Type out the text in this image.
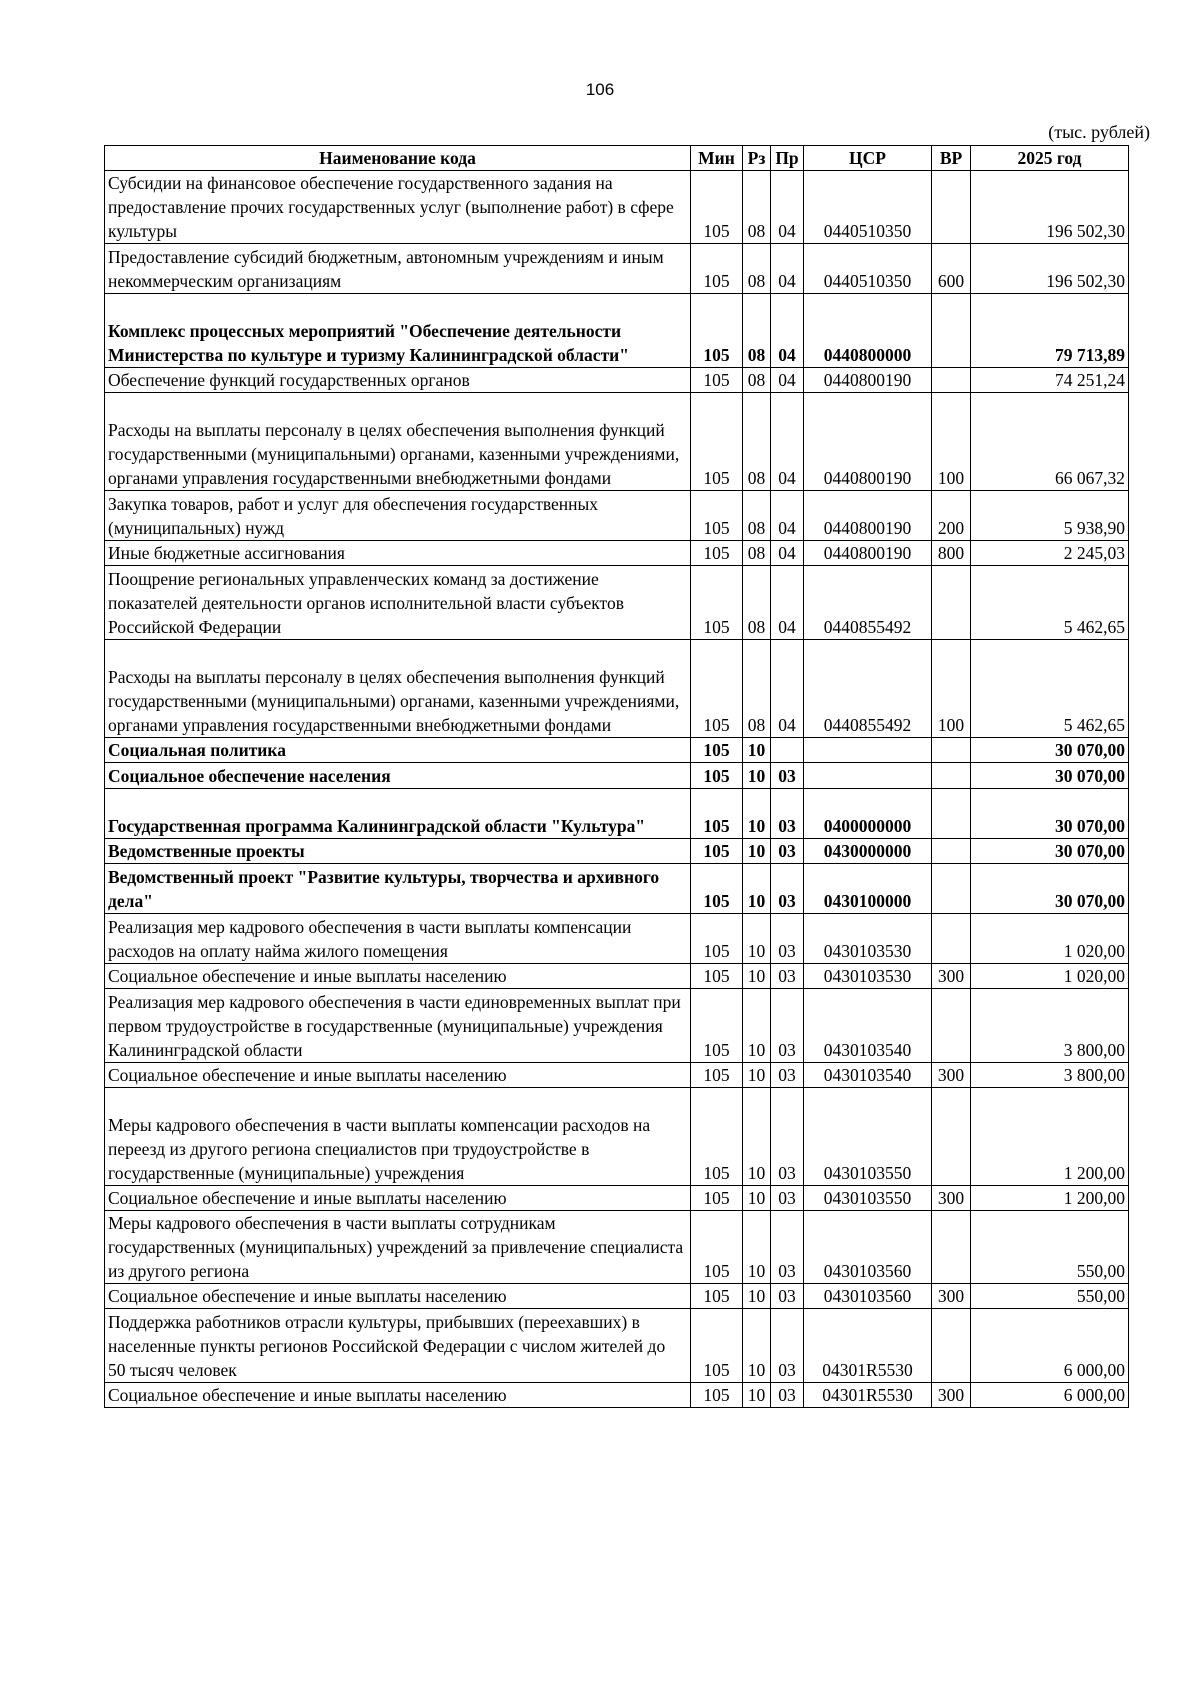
106
(тыс. рублей)
Наименование кода	Мин	Рз	Пр	ЦСР	ВР	2025 год
Субсидии на финансовое обеспечение государственного задания на предоставление прочих государственных услуг (выполнение работ) в сфере культуры	105	08	04	0440510350		196 502,30
Предоставление субсидий бюджетным, автономным учреждениям и иным некоммерческим организациям	105	08	04	0440510350	600	196 502,30
Комплекс процессных мероприятий "Обеспечение деятельности Министерства по культуре и туризму Калининградской области"	105	08	04	0440800000		79 713,89
Обеспечение функций государственных органов	105	08	04	0440800190		74 251,24
Расходы на выплаты персоналу в целях обеспечения выполнения функций государственными (муниципальными) органами, казенными учреждениями, органами управления государственными внебюджетными фондами	105	08	04	0440800190	100	66 067,32
Закупка товаров, работ и услуг для обеспечения государственных (муниципальных) нужд	105	08	04	0440800190	200	5 938,90
Иные бюджетные ассигнования	105	08	04	0440800190	800	2 245,03
Поощрение региональных управленческих команд за достижение показателей деятельности органов исполнительной власти субъектов Российской Федерации	105	08	04	0440855492		5 462,65
Расходы на выплаты персоналу в целях обеспечения выполнения функций государственными (муниципальными) органами, казенными учреждениями, органами управления государственными внебюджетными фондами	105	08	04	0440855492	100	5 462,65
Социальная политика	105	10				30 070,00
Социальное обеспечение населения	105	10	03			30 070,00
Государственная программа Калининградской области "Культура"	105	10	03	0400000000		30 070,00
Ведомственные проекты	105	10	03	0430000000		30 070,00
Ведомственный проект "Развитие культуры, творчества и архивного дела"	105	10	03	0430100000		30 070,00
Реализация мер кадрового обеспечения в части выплаты компенсации расходов на оплату найма жилого помещения	105	10	03	0430103530		1 020,00
Социальное обеспечение и иные выплаты населению	105	10	03	0430103530	300	1 020,00
Реализация мер кадрового обеспечения в части единовременных выплат при первом трудоустройстве в государственные (муниципальные) учреждения Калининградской области	105	10	03	0430103540		3 800,00
Социальное обеспечение и иные выплаты населению	105	10	03	0430103540	300	3 800,00
Меры кадрового обеспечения в части выплаты компенсации расходов на переезд из другого региона специалистов при трудоустройстве в государственные (муниципальные) учреждения	105	10	03	0430103550		1 200,00
Социальное обеспечение и иные выплаты населению	105	10	03	0430103550	300	1 200,00
Меры кадрового обеспечения в части выплаты сотрудникам государственных (муниципальных) учреждений за привлечение специалиста из другого региона	105	10	03	0430103560		550,00
Социальное обеспечение и иные выплаты населению	105	10	03	0430103560	300	550,00
Поддержка работников отрасли культуры, прибывших (переехавших) в населенные пункты регионов Российской Федерации с числом жителей до 50 тысяч человек	105	10	03	04301R5530		6 000,00
Социальное обеспечение и иные выплаты населению	105	10	03	04301R5530	300	6 000,00
